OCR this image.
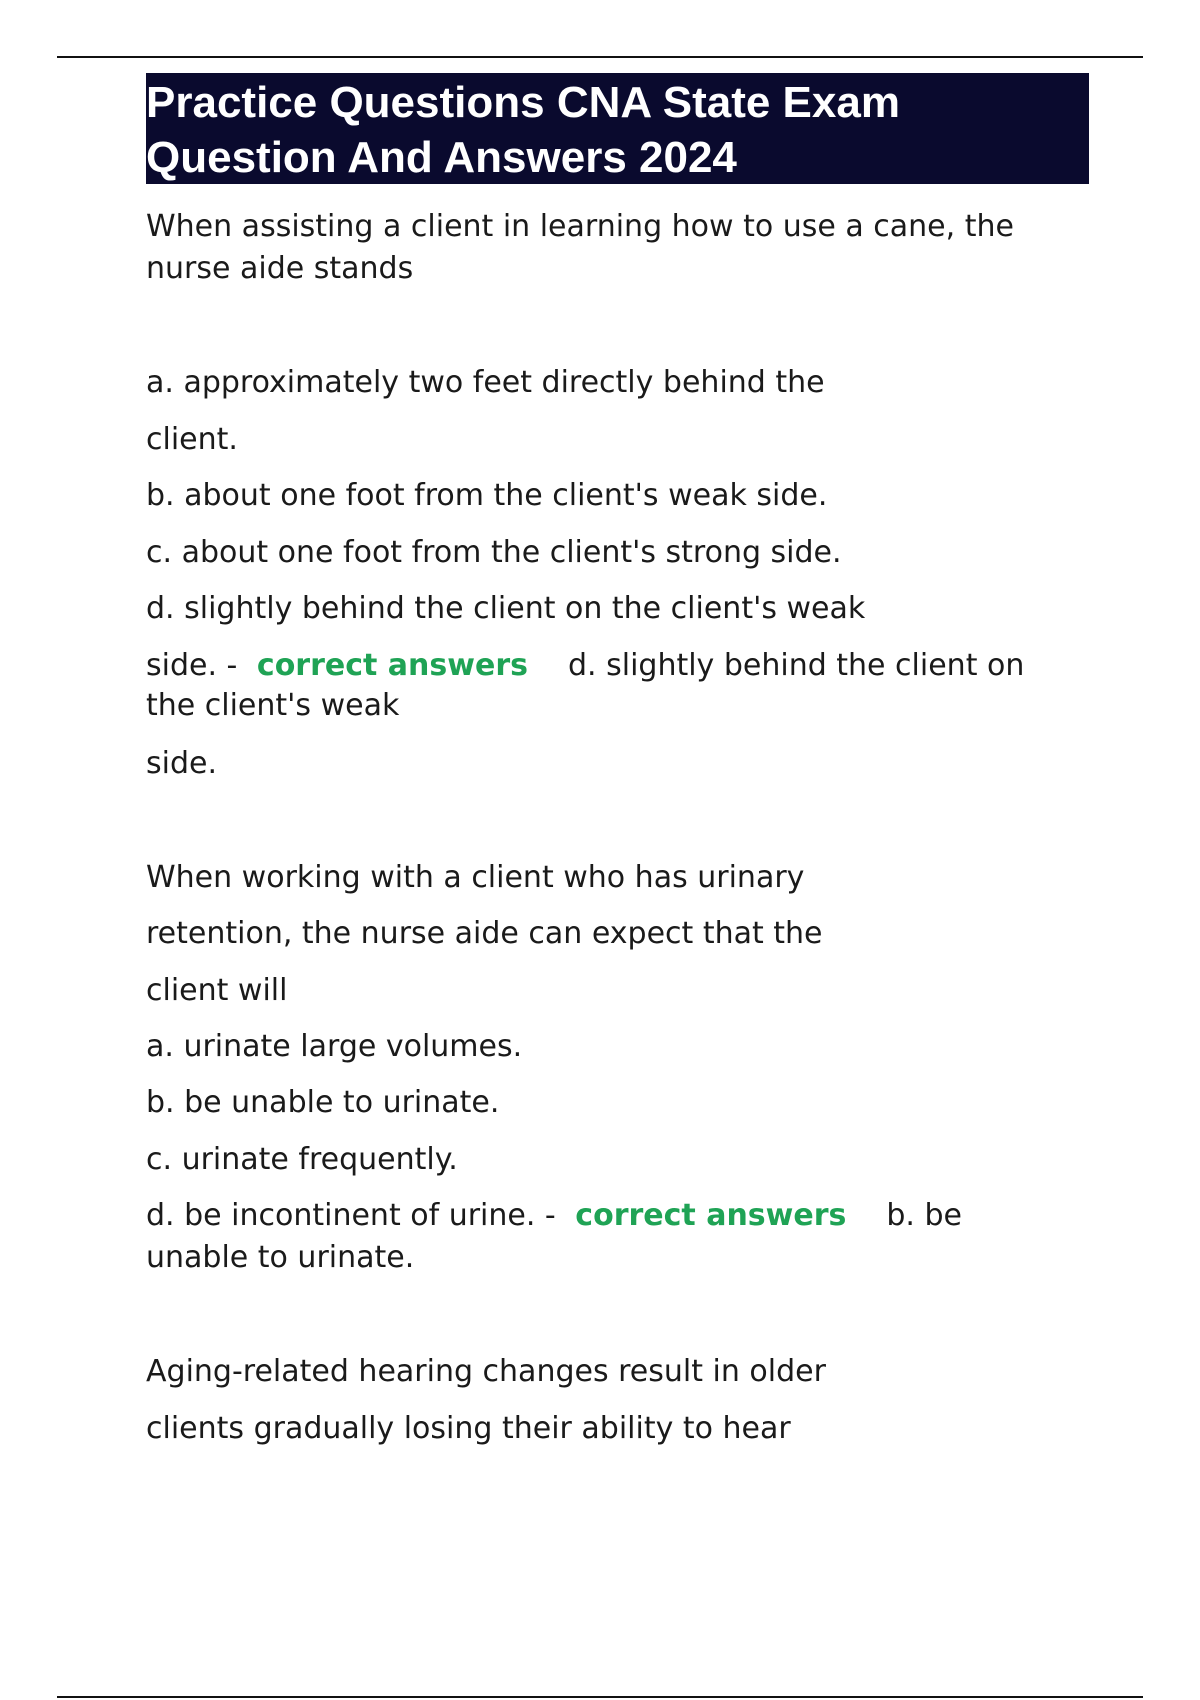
Practice Questions CNA State Exam
Question And Answers 2024
When assisting a client in learning how to use a cane, the
nurse aide stands
a. approximately two feet directly behind the
client.
b. about one foot from the client's weak side.
c. about one foot from the client's strong side.
d. slightly behind the client on the client's weak
side. - correct answers d. slightly behind the client on
the client's weak
side.
When working with a client who has urinary
retention, the nurse aide can expect that the
client will
a. urinate large volumes.
b. be unable to urinate.
c. urinate frequently.
d. be incontinent of urine. - correct answers b. be
unable to urinate.
Aging-related hearing changes result in older
clients gradually losing their ability to hear
